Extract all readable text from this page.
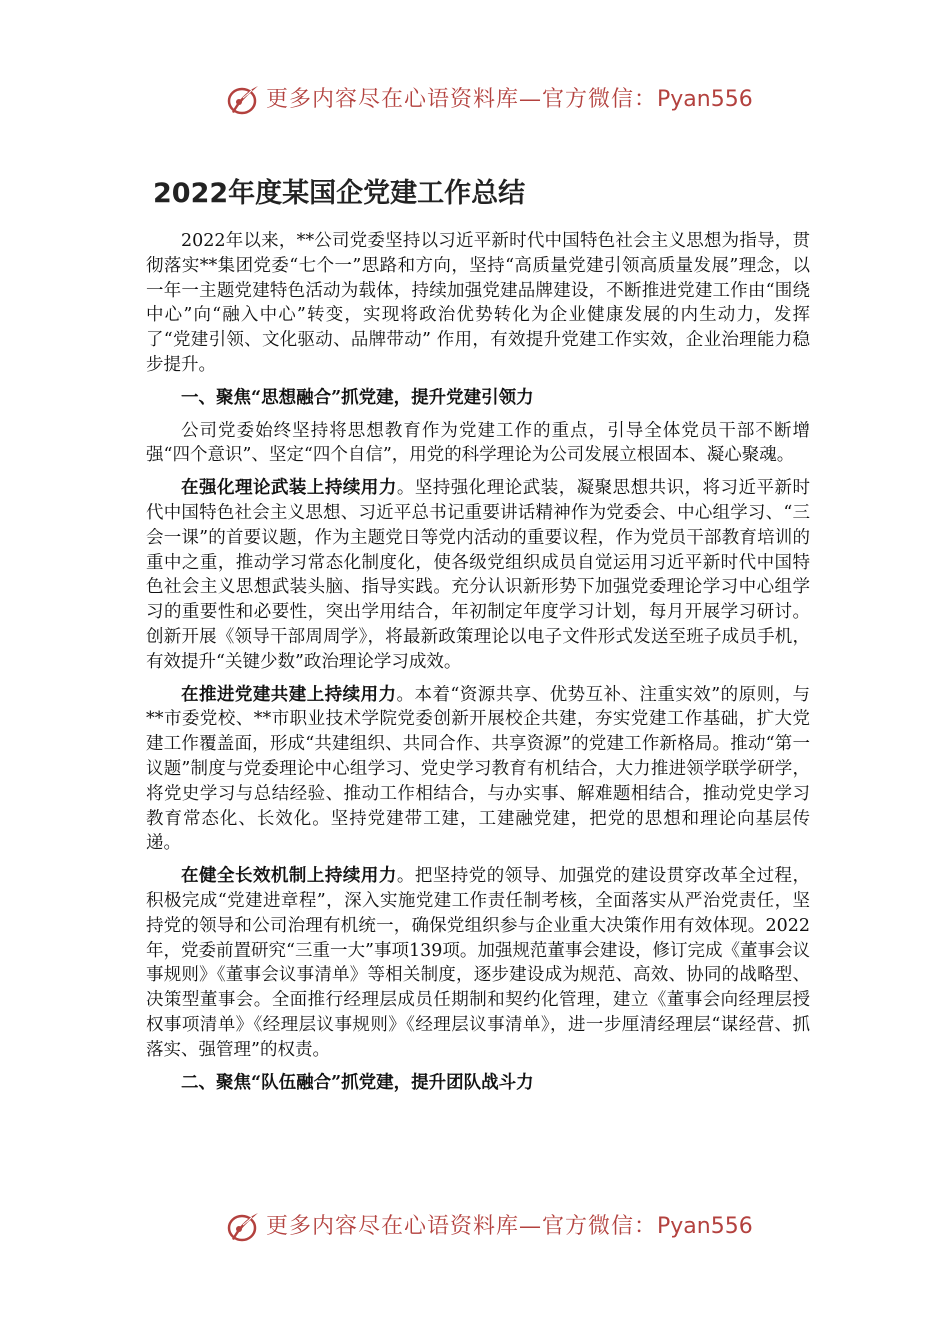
更多内容尽在心语资料库—官方微信：Pyan556
2022年度某国企党建工作总结

2022年以来，**公司党委坚持以习近平新时代中国特色社会主义思想为指导，贯彻落实**集团党委“七个一”思路和方向，坚持“高质量党建引领高质量发展”理念，以一年一主题党建特色活动为载体，持续加强党建品牌建设，不断推进党建工作由“围绕中心”向“融入中心”转变，实现将政治优势转化为企业健康发展的内生动力，发挥了“党建引领、文化驱动、品牌带动” 作用，有效提升党建工作实效，企业治理能力稳步提升。

一、聚焦“思想融合”抓党建，提升党建引领力

公司党委始终坚持将思想教育作为党建工作的重点，引导全体党员干部不断增强“四个意识”、坚定“四个自信”，用党的科学理论为公司发展立根固本、凝心聚魂。

在强化理论武装上持续用力。坚持强化理论武装，凝聚思想共识，将习近平新时代中国特色社会主义思想、习近平总书记重要讲话精神作为党委会、中心组学习、“三会一课”的首要议题，作为主题党日等党内活动的重要议程，作为党员干部教育培训的重中之重，推动学习常态化制度化，使各级党组织成员自觉运用习近平新时代中国特色社会主义思想武装头脑、指导实践。充分认识新形势下加强党委理论学习中心组学习的重要性和必要性，突出学用结合，年初制定年度学习计划，每月开展学习研讨。创新开展《领导干部周周学》，将最新政策理论以电子文件形式发送至班子成员手机，有效提升“关键少数”政治理论学习成效。

在推进党建共建上持续用力。本着“资源共享、优势互补、注重实效”的原则，与**市委党校、**市职业技术学院党委创新开展校企共建，夯实党建工作基础，扩大党建工作覆盖面，形成“共建组织、共同合作、共享资源”的党建工作新格局。推动“第一议题”制度与党委理论中心组学习、党史学习教育有机结合，大力推进领学联学研学，将党史学习与总结经验、推动工作相结合，与办实事、解难题相结合，推动党史学习教育常态化、长效化。坚持党建带工建，工建融党建，把党的思想和理论向基层传递。

在健全长效机制上持续用力。把坚持党的领导、加强党的建设贯穿改革全过程，积极完成“党建进章程”，深入实施党建工作责任制考核，全面落实从严治党责任，坚持党的领导和公司治理有机统一，确保党组织参与企业重大决策作用有效体现。2022年，党委前置研究“三重一大”事项139项。加强规范董事会建设，修订完成《董事会议事规则》《董事会议事清单》等相关制度，逐步建设成为规范、高效、协同的战略型、决策型董事会。全面推行经理层成员任期制和契约化管理，建立《董事会向经理层授权事项清单》《经理层议事规则》《经理层议事清单》，进一步厘清经理层“谋经营、抓落实、强管理”的权责。

二、聚焦“队伍融合”抓党建，提升团队战斗力

更多内容尽在心语资料库—官方微信：Pyan556
